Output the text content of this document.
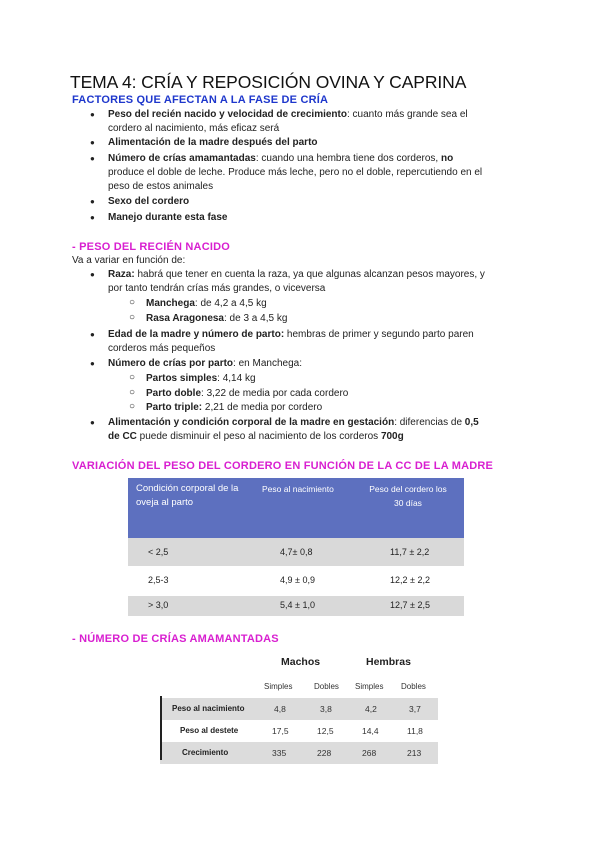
TEMA 4: CRÍA Y REPOSICIÓN OVINA Y CAPRINA
FACTORES QUE AFECTAN A LA FASE DE CRÍA
● Peso del recién nacido y velocidad de crecimiento: cuanto más grande sea el
cordero al nacimiento, más eficaz será
● Alimentación de la madre después del parto
● Número de crías amamantadas: cuando una hembra tiene dos corderos, no
produce el doble de leche. Produce más leche, pero no el doble, repercutiendo en el
peso de estos animales
● Sexo del cordero
● Manejo durante esta fase
- PESO DEL RECIÉN NACIDO
Va a variar en función de:
● Raza: habrá que tener en cuenta la raza, ya que algunas alcanzan pesos mayores, y
por tanto tendrán crías más grandes, o viceversa
○ Manchega: de 4,2 a 4,5 kg
○ Rasa Aragonesa: de 3 a 4,5 kg
● Edad de la madre y número de parto: hembras de primer y segundo parto paren
corderos más pequeños
● Número de crías por parto: en Manchega:
○ Partos simples: 4,14 kg
○ Parto doble: 3,22 de media por cada cordero
○ Parto triple: 2,21 de media por cordero
● Alimentación y condición corporal de la madre en gestación: diferencias de 0,5
de CC puede disminuir el peso al nacimiento de los corderos 700g
VARIACIÓN DEL PESO DEL CORDERO EN FUNCIÓN DE LA CC DE LA MADRE
Condición corporal de la oveja al parto
Peso al nacimiento	Peso del cordero los 30 días
< 2,5	4,7± 0,8	11,7 ± 2,2
2,5-3	4,9 ± 0,9	12,2 ± 2,2
> 3,0	5,4 ± 1,0	12,7 ± 2,5
- NÚMERO DE CRÍAS AMAMANTADAS
Machos	Hembras
Simples	Dobles Simples Dobles
Peso al nacimiento	4,8	3,8	4,2	3,7
Peso al destete	17,5	12,5	14,4	11,8
Crecimiento	335	228	268	213
